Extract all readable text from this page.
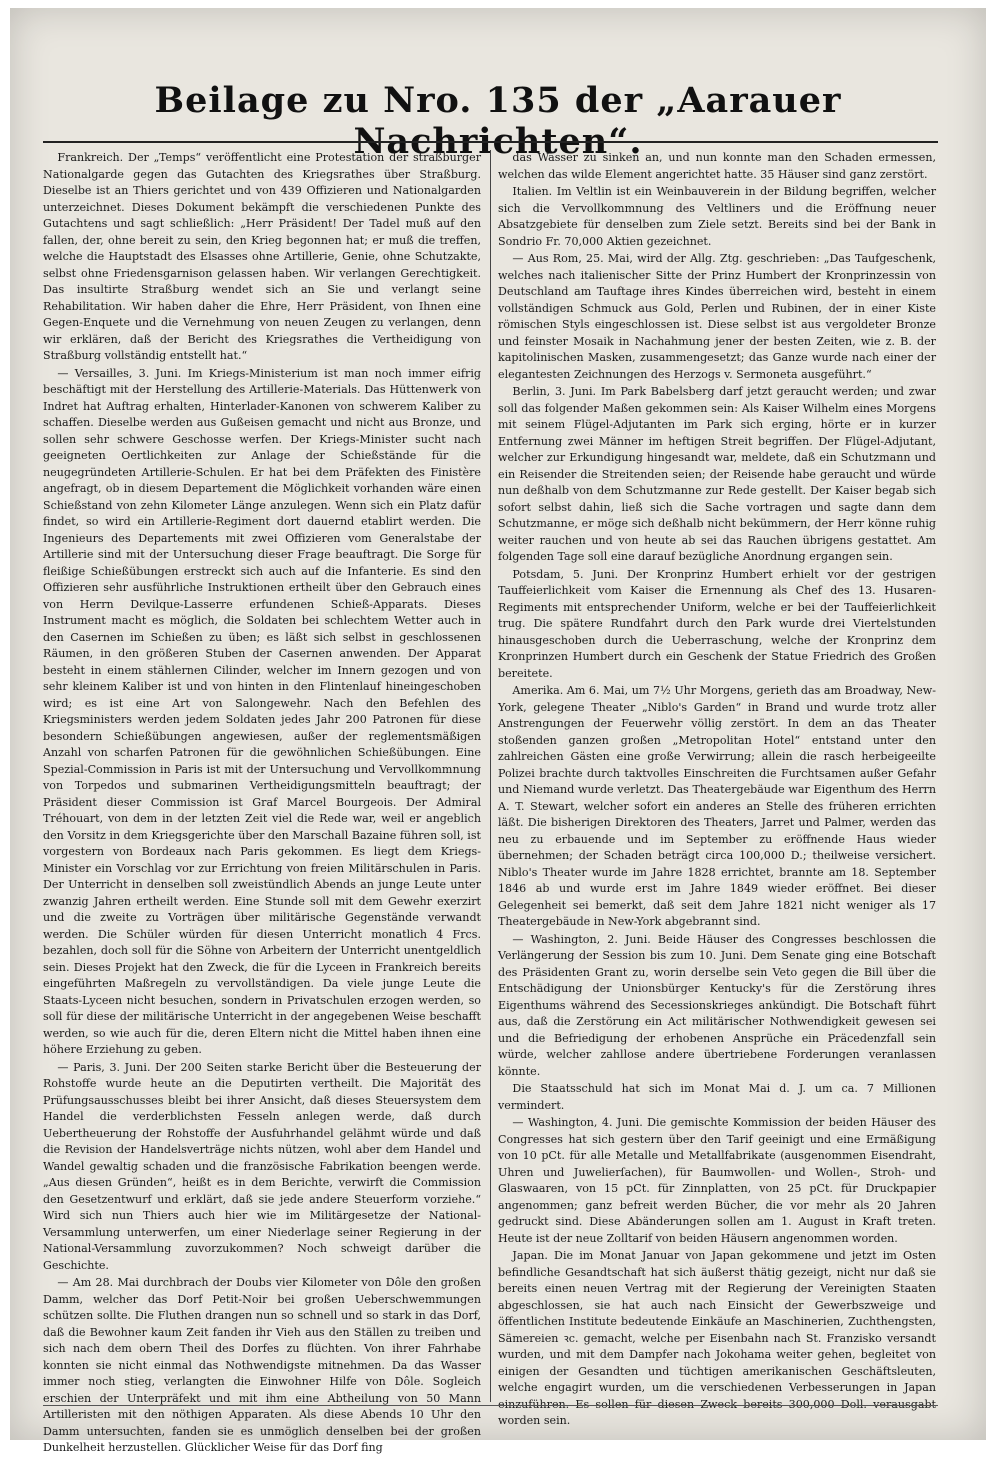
Beilage zu Nro. 135 der „Aarauer Nachrichten“.

Frankreich. Der „Temps“ veröffentlicht eine Protestation der straßburger Nationalgarde gegen das Gutachten des Kriegsrathes über Straßburg. Dieselbe ist an Thiers gerichtet und von 439 Offizieren und Nationalgarden unterzeichnet. Dieses Dokument bekämpft die verschiedenen Punkte des Gutachtens und sagt schließlich: „Herr Präsident! Der Tadel muß auf den fallen, der, ohne bereit zu sein, den Krieg begonnen hat; er muß die treffen, welche die Hauptstadt des Elsasses ohne Artillerie, Genie, ohne Schutzakte, selbst ohne Friedensgarnison gelassen haben. Wir verlangen Gerechtigkeit. Das insultirte Straßburg wendet sich an Sie und verlangt seine Rehabilitation. Wir haben daher die Ehre, Herr Präsident, von Ihnen eine Gegen-Enquete und die Vernehmung von neuen Zeugen zu verlangen, denn wir erklären, daß der Bericht des Kriegsrathes die Vertheidigung von Straßburg vollständig entstellt hat.“

— Versailles, 3. Juni. Im Kriegs-Ministerium ist man noch immer eifrig beschäftigt mit der Herstellung des Artillerie-Materials. Das Hüttenwerk von Indret hat Auftrag erhalten, Hinterlader-Kanonen von schwerem Kaliber zu schaffen. Dieselbe werden aus Gußeisen gemacht und nicht aus Bronze, und sollen sehr schwere Geschosse werfen. Der Kriegs-Minister sucht nach geeigneten Oertlichkeiten zur Anlage der Schießstände für die neugegründeten Artillerie-Schulen. Er hat bei dem Präfekten des Finistère angefragt, ob in diesem Departement die Möglichkeit vorhanden wäre einen Schießstand von zehn Kilometer Länge anzulegen. Wenn sich ein Platz dafür findet, so wird ein Artillerie-Regiment dort dauernd etablirt werden. Die Ingenieurs des Departements mit zwei Offizieren vom Generalstabe der Artillerie sind mit der Untersuchung dieser Frage beauftragt. Die Sorge für fleißige Schießübungen erstreckt sich auch auf die Infanterie. Es sind den Offizieren sehr ausführliche Instruktionen ertheilt über den Gebrauch eines von Herrn Devilque-Lasserre erfundenen Schieß-Apparats. Dieses Instrument macht es möglich, die Soldaten bei schlechtem Wetter auch in den Casernen im Schießen zu üben; es läßt sich selbst in geschlossenen Räumen, in den größeren Stuben der Casernen anwenden. Der Apparat besteht in einem stählernen Cilinder, welcher im Innern gezogen und von sehr kleinem Kaliber ist und von hinten in den Flintenlauf hineingeschoben wird; es ist eine Art von Salongewehr. Nach den Befehlen des Kriegsministers werden jedem Soldaten jedes Jahr 200 Patronen für diese besondern Schießübungen angewiesen, außer der reglementsmäßigen Anzahl von scharfen Patronen für die gewöhnlichen Schießübungen. Eine Spezial-Commission in Paris ist mit der Untersuchung und Vervollkommnung von Torpedos und submarinen Vertheidigungsmitteln beauftragt; der Präsident dieser Commission ist Graf Marcel Bourgeois. Der Admiral Tréhouart, von dem in der letzten Zeit viel die Rede war, weil er angeblich den Vorsitz in dem Kriegsgerichte über den Marschall Bazaine führen soll, ist vorgestern von Bordeaux nach Paris gekommen. Es liegt dem Kriegs-Minister ein Vorschlag vor zur Errichtung von freien Militärschulen in Paris. Der Unterricht in denselben soll zweistündlich Abends an junge Leute unter zwanzig Jahren ertheilt werden. Eine Stunde soll mit dem Gewehr exerzirt und die zweite zu Vorträgen über militärische Gegenstände verwandt werden. Die Schüler würden für diesen Unterricht monatlich 4 Frcs. bezahlen, doch soll für die Söhne von Arbeitern der Unterricht unentgeldlich sein. Dieses Projekt hat den Zweck, die für die Lyceen in Frankreich bereits eingeführten Maßregeln zu vervollständigen. Da viele junge Leute die Staats-Lyceen nicht besuchen, sondern in Privatschulen erzogen werden, so soll für diese der militärische Unterricht in der angegebenen Weise beschafft werden, so wie auch für die, deren Eltern nicht die Mittel haben ihnen eine höhere Erziehung zu geben.

— Paris, 3. Juni. Der 200 Seiten starke Bericht über die Besteuerung der Rohstoffe wurde heute an die Deputirten vertheilt. Die Majorität des Prüfungsausschusses bleibt bei ihrer Ansicht, daß dieses Steuersystem dem Handel die verderblichsten Fesseln anlegen werde, daß durch Uebertheuerung der Rohstoffe der Ausfuhrhandel gelähmt würde und daß die Revision der Handelsverträge nichts nützen, wohl aber dem Handel und Wandel gewaltig schaden und die französische Fabrikation beengen werde. „Aus diesen Gründen“, heißt es in dem Berichte, verwirft die Commission den Gesetzentwurf und erklärt, daß sie jede andere Steuerform vorziehe.“ Wird sich nun Thiers auch hier wie im Militärgesetze der National-Versammlung unterwerfen, um einer Niederlage seiner Regierung in der National-Versammlung zuvorzukommen? Noch schweigt darüber die Geschichte.

— Am 28. Mai durchbrach der Doubs vier Kilometer von Dôle den großen Damm, welcher das Dorf Petit-Noir bei großen Ueberschwemmungen schützen sollte. Die Fluthen drangen nun so schnell und so stark in das Dorf, daß die Bewohner kaum Zeit fanden ihr Vieh aus den Ställen zu treiben und sich nach dem obern Theil des Dorfes zu flüchten. Von ihrer Fahrhabe konnten sie nicht einmal das Nothwendigste mitnehmen. Da das Wasser immer noch stieg, verlangten die Einwohner Hilfe von Dôle. Sogleich erschien der Unterpräfekt und mit ihm eine Abtheilung von 50 Mann Artilleristen mit den nöthigen Apparaten. Als diese Abends 10 Uhr den Damm untersuchten, fanden sie es unmöglich denselben bei der großen Dunkelheit herzustellen. Glücklicher Weise für das Dorf fing

das Wasser zu sinken an, und nun konnte man den Schaden ermessen, welchen das wilde Element angerichtet hatte. 35 Häuser sind ganz zerstört.

Italien. Im Veltlin ist ein Weinbauverein in der Bildung begriffen, welcher sich die Vervollkommnung des Veltliners und die Eröffnung neuer Absatzgebiete für denselben zum Ziele setzt. Bereits sind bei der Bank in Sondrio Fr. 70,000 Aktien gezeichnet.

— Aus Rom, 25. Mai, wird der Allg. Ztg. geschrieben: „Das Taufgeschenk, welches nach italienischer Sitte der Prinz Humbert der Kronprinzessin von Deutschland am Tauftage ihres Kindes überreichen wird, besteht in einem vollständigen Schmuck aus Gold, Perlen und Rubinen, der in einer Kiste römischen Styls eingeschlossen ist. Diese selbst ist aus vergoldeter Bronze und feinster Mosaik in Nachahmung jener der besten Zeiten, wie z. B. der kapitolinischen Masken, zusammengesetzt; das Ganze wurde nach einer der elegantesten Zeichnungen des Herzogs v. Sermoneta ausgeführt.“

Berlin, 3. Juni. Im Park Babelsberg darf jetzt geraucht werden; und zwar soll das folgender Maßen gekommen sein: Als Kaiser Wilhelm eines Morgens mit seinem Flügel-Adjutanten im Park sich erging, hörte er in kurzer Entfernung zwei Männer im heftigen Streit begriffen. Der Flügel-Adjutant, welcher zur Erkundigung hingesandt war, meldete, daß ein Schutzmann und ein Reisender die Streitenden seien; der Reisende habe geraucht und würde nun deßhalb von dem Schutzmanne zur Rede gestellt. Der Kaiser begab sich sofort selbst dahin, ließ sich die Sache vortragen und sagte dann dem Schutzmanne, er möge sich deßhalb nicht bekümmern, der Herr könne ruhig weiter rauchen und von heute ab sei das Rauchen übrigens gestattet. Am folgenden Tage soll eine darauf bezügliche Anordnung ergangen sein.

Potsdam, 5. Juni. Der Kronprinz Humbert erhielt vor der gestrigen Tauffeierlichkeit vom Kaiser die Ernennung als Chef des 13. Husaren-Regiments mit entsprechender Uniform, welche er bei der Tauffeierlichkeit trug. Die spätere Rundfahrt durch den Park wurde drei Viertelstunden hinausgeschoben durch die Ueberraschung, welche der Kronprinz dem Kronprinzen Humbert durch ein Geschenk der Statue Friedrich des Großen bereitete.

Amerika. Am 6. Mai, um 7½ Uhr Morgens, gerieth das am Broadway, New-York, gelegene Theater „Niblo's Garden“ in Brand und wurde trotz aller Anstrengungen der Feuerwehr völlig zerstört. In dem an das Theater stoßenden ganzen großen „Metropolitan Hotel“ entstand unter den zahlreichen Gästen eine große Verwirrung; allein die rasch herbeigeeilte Polizei brachte durch taktvolles Einschreiten die Furchtsamen außer Gefahr und Niemand wurde verletzt. Das Theatergebäude war Eigenthum des Herrn A. T. Stewart, welcher sofort ein anderes an Stelle des früheren errichten läßt. Die bisherigen Direktoren des Theaters, Jarret und Palmer, werden das neu zu erbauende und im September zu eröffnende Haus wieder übernehmen; der Schaden beträgt circa 100,000 D.; theilweise versichert. Niblo's Theater wurde im Jahre 1828 errichtet, brannte am 18. September 1846 ab und wurde erst im Jahre 1849 wieder eröffnet. Bei dieser Gelegenheit sei bemerkt, daß seit dem Jahre 1821 nicht weniger als 17 Theatergebäude in New-York abgebrannt sind.

— Washington, 2. Juni. Beide Häuser des Congresses beschlossen die Verlängerung der Session bis zum 10. Juni. Dem Senate ging eine Botschaft des Präsidenten Grant zu, worin derselbe sein Veto gegen die Bill über die Entschädigung der Unionsbürger Kentucky's für die Zerstörung ihres Eigenthums während des Secessionskrieges ankündigt. Die Botschaft führt aus, daß die Zerstörung ein Act militärischer Nothwendigkeit gewesen sei und die Befriedigung der erhobenen Ansprüche ein Präcedenzfall sein würde, welcher zahllose andere übertriebene Forderungen veranlassen könnte.

Die Staatsschuld hat sich im Monat Mai d. J. um ca. 7 Millionen vermindert.

— Washington, 4. Juni. Die gemischte Kommission der beiden Häuser des Congresses hat sich gestern über den Tarif geeinigt und eine Ermäßigung von 10 pCt. für alle Metalle und Metallfabrikate (ausgenommen Eisendraht, Uhren und Juwelierſachen), für Baumwollen- und Wollen-, Stroh- und Glaswaaren, von 15 pCt. für Zinnplatten, von 25 pCt. für Druckpapier angenommen; ganz befreit werden Bücher, die vor mehr als 20 Jahren gedruckt sind. Diese Abänderungen sollen am 1. August in Kraft treten. Heute ist der neue Zolltarif von beiden Häusern angenommen worden.

Japan. Die im Monat Januar von Japan gekommene und jetzt im Osten befindliche Gesandtschaft hat sich äußerst thätig gezeigt, nicht nur daß sie bereits einen neuen Vertrag mit der Regierung der Vereinigten Staaten abgeschlossen, sie hat auch nach Einsicht der Gewerbszweige und öffentlichen Institute bedeutende Einkäufe an Maschinerien, Zuchthengsten, Sämereien ꝛc. gemacht, welche per Eisenbahn nach St. Franzisko versandt wurden, und mit dem Dampfer nach Jokohama weiter gehen, begleitet von einigen der Gesandten und tüchtigen amerikanischen Geschäftsleuten, welche engagirt wurden, um die verschiedenen Verbesserungen in Japan einzuführen. Es sollen für diesen Zweck bereits 300,000 Doll. verausgabt worden sein.
